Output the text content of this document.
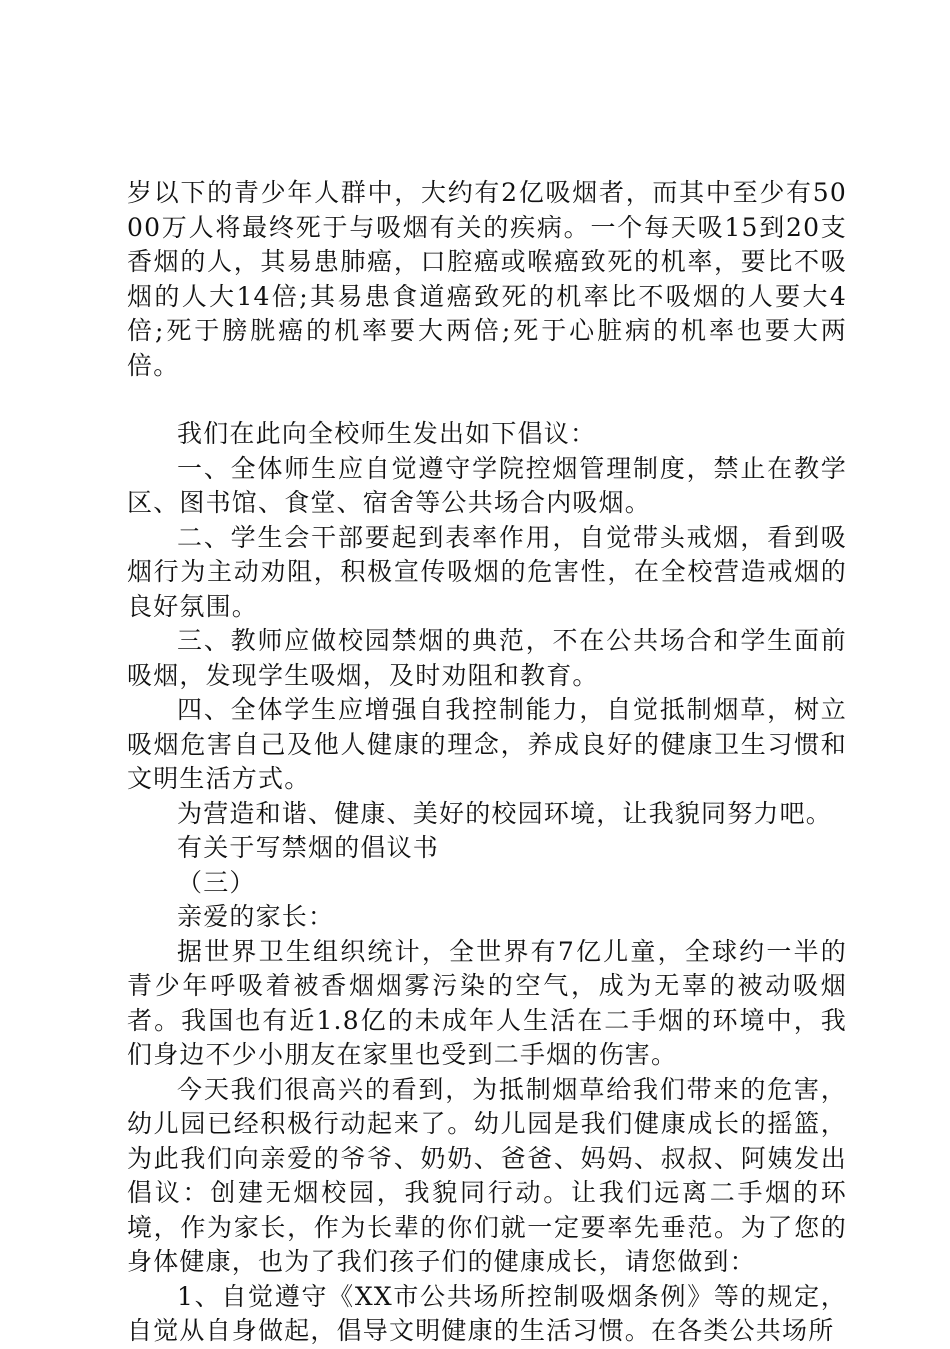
岁以下的青少年人群中，大约有2亿吸烟者，而其中至少有5000万人将最终死于与吸烟有关的疾病。一个每天吸15到20支香烟的人，其易患肺癌，口腔癌或喉癌致死的机率，要比不吸烟的人大14倍;其易患食道癌致死的机率比不吸烟的人要大4倍;死于膀胱癌的机率要大两倍;死于心脏病的机率也要大两倍。

我们在此向全校师生发出如下倡议：

一、全体师生应自觉遵守学院控烟管理制度，禁止在教学区、图书馆、食堂、宿舍等公共场合内吸烟。

二、学生会干部要起到表率作用，自觉带头戒烟，看到吸烟行为主动劝阻，积极宣传吸烟的危害性，在全校营造戒烟的良好氛围。

三、教师应做校园禁烟的典范，不在公共场合和学生面前吸烟，发现学生吸烟，及时劝阻和教育。

四、全体学生应增强自我控制能力，自觉抵制烟草，树立吸烟危害自己及他人健康的理念，养成良好的健康卫生习惯和文明生活方式。

为营造和谐、健康、美好的校园环境，让我貌同努力吧。

有关于写禁烟的倡议书

（三）

亲爱的家长：

据世界卫生组织统计，全世界有7亿儿童，全球约一半的青少年呼吸着被香烟烟雾污染的空气，成为无辜的被动吸烟者。我国也有近1.8亿的未成年人生活在二手烟的环境中，我们身边不少小朋友在家里也受到二手烟的伤害。

今天我们很高兴的看到，为抵制烟草给我们带来的危害，幼儿园已经积极行动起来了。幼儿园是我们健康成长的摇篮，为此我们向亲爱的爷爷、奶奶、爸爸、妈妈、叔叔、阿姨发出倡议：创建无烟校园，我貌同行动。让我们远离二手烟的环境，作为家长，作为长辈的你们就一定要率先垂范。为了您的身体健康，也为了我们孩子们的健康成长，请您做到：

1、自觉遵守《XX市公共场所控制吸烟条例》等的规定，自觉从自身做起，倡导文明健康的生活习惯。在各类公共场所
